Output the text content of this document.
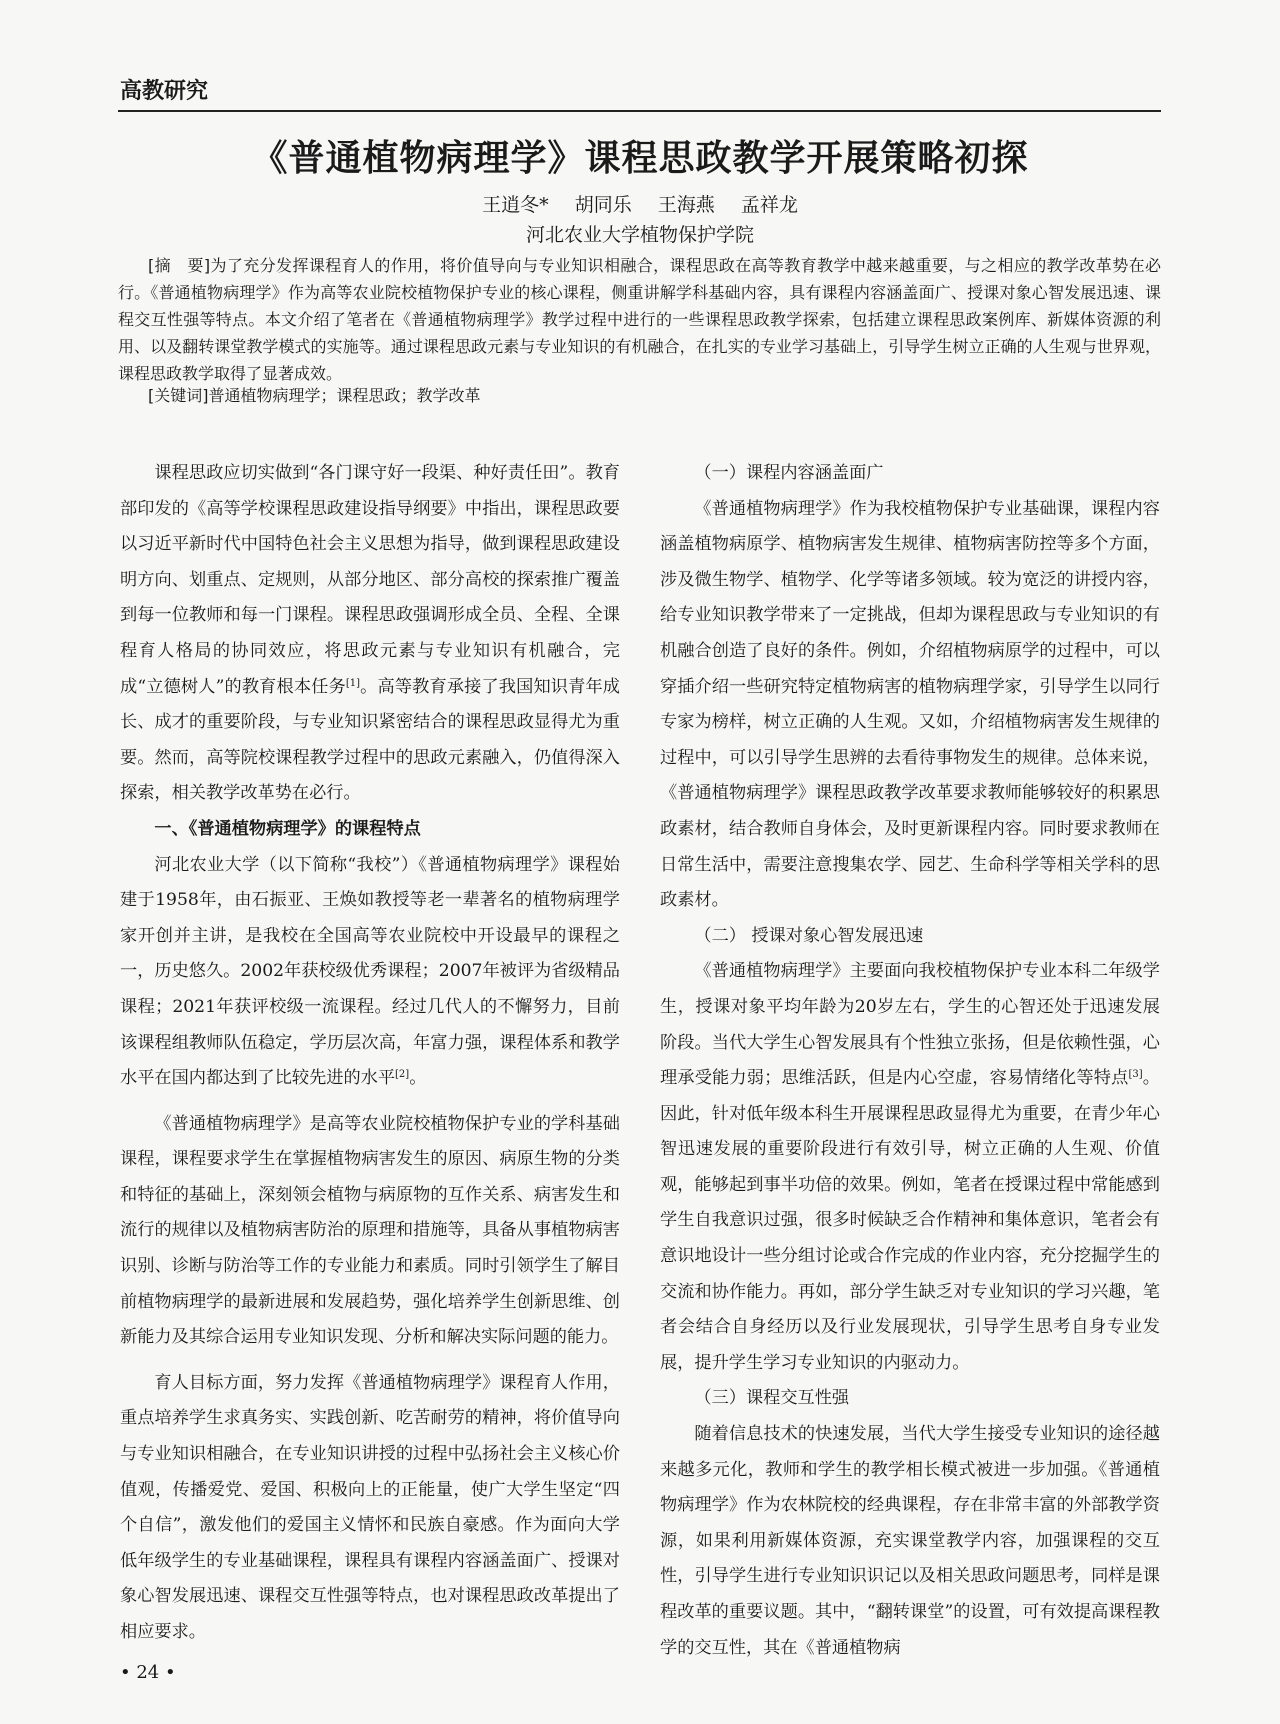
高教研究
《普通植物病理学》课程思政教学开展策略初探
王逍冬* 胡同乐 王海燕 孟祥龙
河北农业大学植物保护学院
[摘　要]为了充分发挥课程育人的作用，将价值导向与专业知识相融合，课程思政在高等教育教学中越来越重要，与之相应的教学改革势在必行。《普通植物病理学》作为高等农业院校植物保护专业的核心课程，侧重讲解学科基础内容，具有课程内容涵盖面广、授课对象心智发展迅速、课程交互性强等特点。本文介绍了笔者在《普通植物病理学》教学过程中进行的一些课程思政教学探索，包括建立课程思政案例库、新媒体资源的利用、以及翻转课堂教学模式的实施等。通过课程思政元素与专业知识的有机融合，在扎实的专业学习基础上，引导学生树立正确的人生观与世界观，课程思政教学取得了显著成效。
[关键词]普通植物病理学；课程思政；教学改革

课程思政应切实做到“各门课守好一段渠、种好责任田”。教育部印发的《高等学校课程思政建设指导纲要》中指出，课程思政要以习近平新时代中国特色社会主义思想为指导，做到课程思政建设明方向、划重点、定规则，从部分地区、部分高校的探索推广覆盖到每一位教师和每一门课程。课程思政强调形成全员、全程、全课程育人格局的协同效应，将思政元素与专业知识有机融合，完成“立德树人”的教育根本任务[1]。高等教育承接了我国知识青年成长、成才的重要阶段，与专业知识紧密结合的课程思政显得尤为重要。然而，高等院校课程教学过程中的思政元素融入，仍值得深入探索，相关教学改革势在必行。

一、《普通植物病理学》的课程特点

河北农业大学（以下简称“我校”）《普通植物病理学》课程始建于1958年，由石振亚、王焕如教授等老一辈著名的植物病理学家开创并主讲，是我校在全国高等农业院校中开设最早的课程之一，历史悠久。2002年获校级优秀课程；2007年被评为省级精品课程；2021年获评校级一流课程。经过几代人的不懈努力，目前该课程组教师队伍稳定，学历层次高，年富力强，课程体系和教学水平在国内都达到了比较先进的水平[2]。

《普通植物病理学》是高等农业院校植物保护专业的学科基础课程，课程要求学生在掌握植物病害发生的原因、病原生物的分类和特征的基础上，深刻领会植物与病原物的互作关系、病害发生和流行的规律以及植物病害防治的原理和措施等，具备从事植物病害识别、诊断与防治等工作的专业能力和素质。同时引领学生了解目前植物病理学的最新进展和发展趋势，强化培养学生创新思维、创新能力及其综合运用专业知识发现、分析和解决实际问题的能力。

育人目标方面，努力发挥《普通植物病理学》课程育人作用，重点培养学生求真务实、实践创新、吃苦耐劳的精神，将价值导向与专业知识相融合，在专业知识讲授的过程中弘扬社会主义核心价值观，传播爱党、爱国、积极向上的正能量，使广大学生坚定“四个自信”，激发他们的爱国主义情怀和民族自豪感。作为面向大学低年级学生的专业基础课程，课程具有课程内容涵盖面广、授课对象心智发展迅速、课程交互性强等特点，也对课程思政改革提出了相应要求。

（一）课程内容涵盖面广

《普通植物病理学》作为我校植物保护专业基础课，课程内容涵盖植物病原学、植物病害发生规律、植物病害防控等多个方面，涉及微生物学、植物学、化学等诸多领域。较为宽泛的讲授内容，给专业知识教学带来了一定挑战，但却为课程思政与专业知识的有机融合创造了良好的条件。例如，介绍植物病原学的过程中，可以穿插介绍一些研究特定植物病害的植物病理学家，引导学生以同行专家为榜样，树立正确的人生观。又如，介绍植物病害发生规律的过程中，可以引导学生思辨的去看待事物发生的规律。总体来说，《普通植物病理学》课程思政教学改革要求教师能够较好的积累思政素材，结合教师自身体会，及时更新课程内容。同时要求教师在日常生活中，需要注意搜集农学、园艺、生命科学等相关学科的思政素材。

（二） 授课对象心智发展迅速

《普通植物病理学》主要面向我校植物保护专业本科二年级学生，授课对象平均年龄为20岁左右，学生的心智还处于迅速发展阶段。当代大学生心智发展具有个性独立张扬，但是依赖性强，心理承受能力弱；思维活跃，但是内心空虚，容易情绪化等特点[3]。因此，针对低年级本科生开展课程思政显得尤为重要，在青少年心智迅速发展的重要阶段进行有效引导，树立正确的人生观、价值观，能够起到事半功倍的效果。例如，笔者在授课过程中常能感到学生自我意识过强，很多时候缺乏合作精神和集体意识，笔者会有意识地设计一些分组讨论或合作完成的作业内容，充分挖掘学生的交流和协作能力。再如，部分学生缺乏对专业知识的学习兴趣，笔者会结合自身经历以及行业发展现状，引导学生思考自身专业发展，提升学生学习专业知识的内驱动力。

（三）课程交互性强

随着信息技术的快速发展，当代大学生接受专业知识的途径越来越多元化，教师和学生的教学相长模式被进一步加强。《普通植物病理学》作为农林院校的经典课程，存在非常丰富的外部教学资源，如果利用新媒体资源，充实课堂教学内容，加强课程的交互性，引导学生进行专业知识识记以及相关思政问题思考，同样是课程改革的重要议题。其中，“翻转课堂”的设置，可有效提高课程教学的交互性，其在《普通植物病

• 24 •
